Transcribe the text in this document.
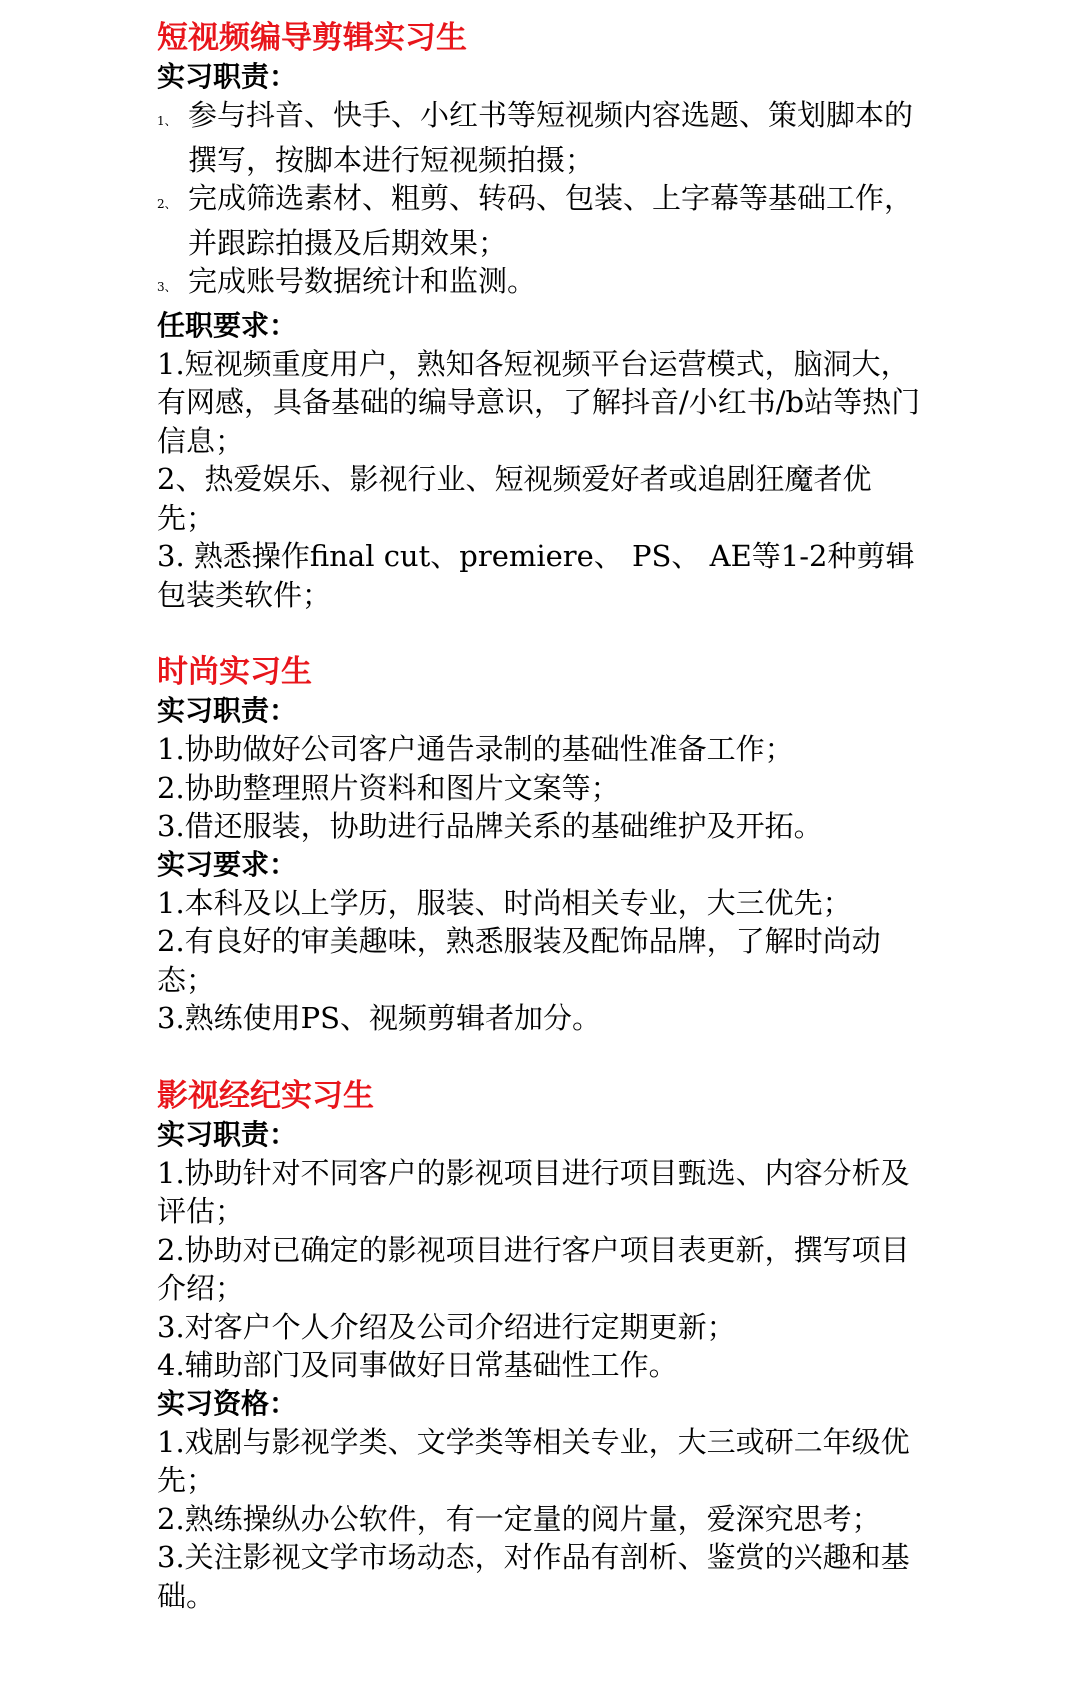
短视频编导剪辑实习生

实习职责：

1、 参与抖音、快手、小红书等短视频内容选题、策划脚本的撰写，按脚本进行短视频拍摄；

2、 完成筛选素材、粗剪、转码、包装、上字幕等基础工作，并跟踪拍摄及后期效果；

3、 完成账号数据统计和监测。

任职要求：

1.短视频重度用户，熟知各短视频平台运营模式，脑洞大，有网感，具备基础的编导意识，了解抖音/小红书/b站等热门信息；

2、热爱娱乐、影视行业、短视频爱好者或追剧狂魔者优先；

3. 熟悉操作final cut、premiere、 PS、 AE等1-2种剪辑包装类软件；

时尚实习生

实习职责：

1.协助做好公司客户通告录制的基础性准备工作；

2.协助整理照片资料和图片文案等；

3.借还服装，协助进行品牌关系的基础维护及开拓。

实习要求：

1.本科及以上学历，服装、时尚相关专业，大三优先；

2.有良好的审美趣味，熟悉服装及配饰品牌，了解时尚动态；

3.熟练使用PS、视频剪辑者加分。

影视经纪实习生

实习职责：

1.协助针对不同客户的影视项目进行项目甄选、内容分析及评估；

2.协助对已确定的影视项目进行客户项目表更新，撰写项目介绍；

3.对客户个人介绍及公司介绍进行定期更新；

4.辅助部门及同事做好日常基础性工作。

实习资格：

1.戏剧与影视学类、文学类等相关专业，大三或研二年级优先；

2.熟练操纵办公软件，有一定量的阅片量，爱深究思考；

3.关注影视文学市场动态，对作品有剖析、鉴赏的兴趣和基础。
